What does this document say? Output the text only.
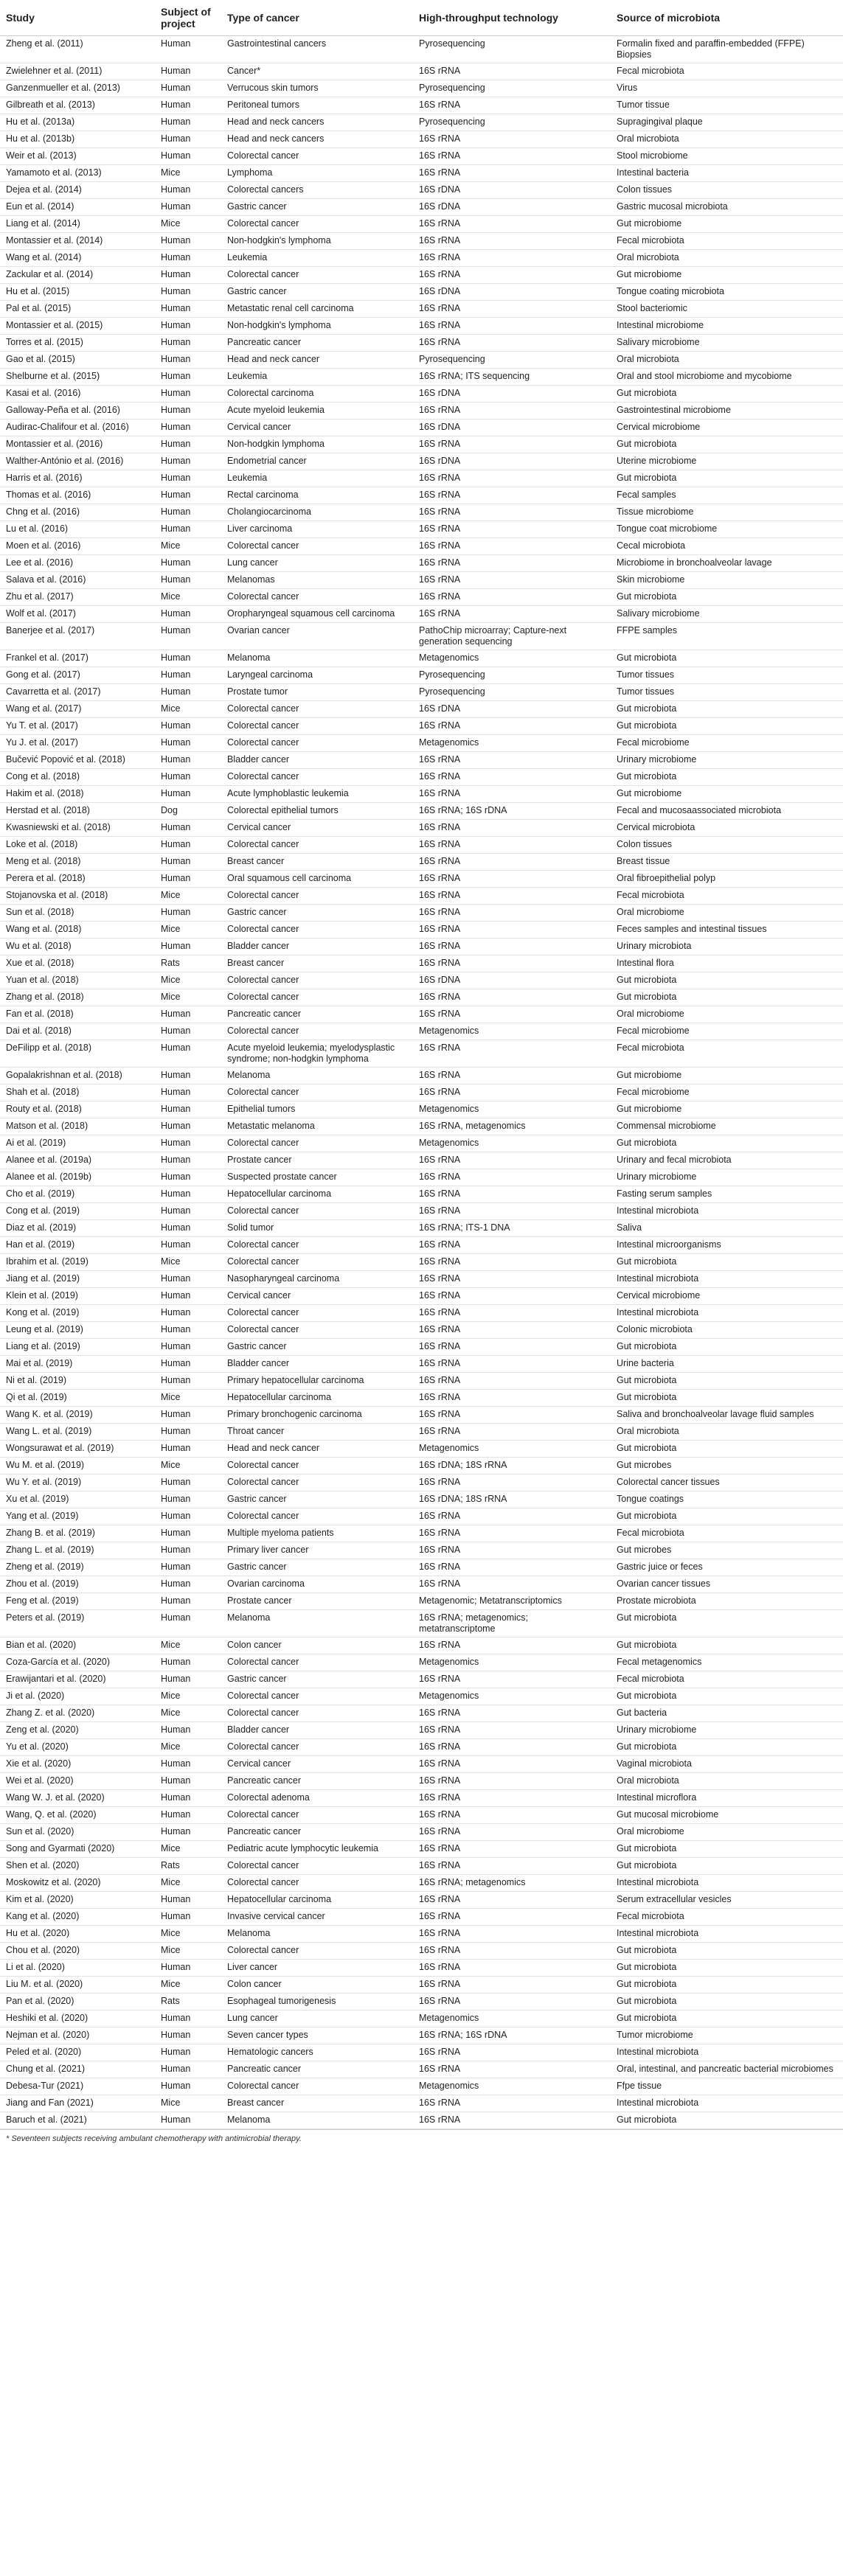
Study	Subject of project	Type of cancer	High-throughput technology	Source of microbiota
Zheng et al. (2011)	Human	Gastrointestinal cancers	Pyrosequencing	Formalin fixed and paraffin-embedded (FFPE) Biopsies
Zwielehner et al. (2011)	Human	Cancer*	16S rRNA	Fecal microbiota
Ganzenmueller et al. (2013)	Human	Verrucous skin tumors	Pyrosequencing	Virus
Gilbreath et al. (2013)	Human	Peritoneal tumors	16S rRNA	Tumor tissue
Hu et al. (2013a)	Human	Head and neck cancers	Pyrosequencing	Supragingival plaque
Hu et al. (2013b)	Human	Head and neck cancers	16S rRNA	Oral microbiota
Weir et al. (2013)	Human	Colorectal cancer	16S rRNA	Stool microbiome
Yamamoto et al. (2013)	Mice	Lymphoma	16S rRNA	Intestinal bacteria
Dejea et al. (2014)	Human	Colorectal cancers	16S rDNA	Colon tissues
Eun et al. (2014)	Human	Gastric cancer	16S rDNA	Gastric mucosal microbiota
Liang et al. (2014)	Mice	Colorectal cancer	16S rRNA	Gut microbiome
Montassier et al. (2014)	Human	Non-hodgkin's lymphoma	16S rRNA	Fecal microbiota
Wang et al. (2014)	Human	Leukemia	16S rRNA	Oral microbiota
Zackular et al. (2014)	Human	Colorectal cancer	16S rRNA	Gut microbiome
Hu et al. (2015)	Human	Gastric cancer	16S rDNA	Tongue coating microbiota
Pal et al. (2015)	Human	Metastatic renal cell carcinoma	16S rRNA	Stool bacteriomic
Montassier et al. (2015)	Human	Non-hodgkin's lymphoma	16S rRNA	Intestinal microbiome
Torres et al. (2015)	Human	Pancreatic cancer	16S rRNA	Salivary microbiome
Gao et al. (2015)	Human	Head and neck cancer	Pyrosequencing	Oral microbiota
Shelburne et al. (2015)	Human	Leukemia	16S rRNA; ITS sequencing	Oral and stool microbiome and mycobiome
Kasai et al. (2016)	Human	Colorectal carcinoma	16S rDNA	Gut microbiota
Galloway-Peña et al. (2016)	Human	Acute myeloid leukemia	16S rRNA	Gastrointestinal microbiome
Audirac-Chalifour et al. (2016)	Human	Cervical cancer	16S rDNA	Cervical microbiome
Montassier et al. (2016)	Human	Non-hodgkin lymphoma	16S rRNA	Gut microbiota
Walther-António et al. (2016)	Human	Endometrial cancer	16S rDNA	Uterine microbiome
Harris et al. (2016)	Human	Leukemia	16S rRNA	Gut microbiota
Thomas et al. (2016)	Human	Rectal carcinoma	16S rRNA	Fecal samples
Chng et al. (2016)	Human	Cholangiocarcinoma	16S rRNA	Tissue microbiome
Lu et al. (2016)	Human	Liver carcinoma	16S rRNA	Tongue coat microbiome
Moen et al. (2016)	Mice	Colorectal cancer	16S rRNA	Cecal microbiota
Lee et al. (2016)	Human	Lung cancer	16S rRNA	Microbiome in bronchoalveolar lavage
Salava et al. (2016)	Human	Melanomas	16S rRNA	Skin microbiome
Zhu et al. (2017)	Mice	Colorectal cancer	16S rRNA	Gut microbiota
Wolf et al. (2017)	Human	Oropharyngeal squamous cell carcinoma	16S rRNA	Salivary microbiome
Banerjee et al. (2017)	Human	Ovarian cancer	PathoChip microarray; Capture-next generation sequencing	FFPE samples
Frankel et al. (2017)	Human	Melanoma	Metagenomics	Gut microbiota
Gong et al. (2017)	Human	Laryngeal carcinoma	Pyrosequencing	Tumor tissues
Cavarretta et al. (2017)	Human	Prostate tumor	Pyrosequencing	Tumor tissues
Wang et al. (2017)	Mice	Colorectal cancer	16S rDNA	Gut microbiota
Yu T. et al. (2017)	Human	Colorectal cancer	16S rRNA	Gut microbiota
Yu J. et al. (2017)	Human	Colorectal cancer	Metagenomics	Fecal microbiome
Bučević Popović et al. (2018)	Human	Bladder cancer	16S rRNA	Urinary microbiome
Cong et al. (2018)	Human	Colorectal cancer	16S rRNA	Gut microbiota
Hakim et al. (2018)	Human	Acute lymphoblastic leukemia	16S rRNA	Gut microbiome
Herstad et al. (2018)	Dog	Colorectal epithelial tumors	16S rRNA; 16S rDNA	Fecal and mucosaassociated microbiota
Kwasniewski et al. (2018)	Human	Cervical cancer	16S rRNA	Cervical microbiota
Loke et al. (2018)	Human	Colorectal cancer	16S rRNA	Colon tissues
Meng et al. (2018)	Human	Breast cancer	16S rRNA	Breast tissue
Perera et al. (2018)	Human	Oral squamous cell carcinoma	16S rRNA	Oral fibroepithelial polyp
Stojanovska et al. (2018)	Mice	Colorectal cancer	16S rRNA	Fecal microbiota
Sun et al. (2018)	Human	Gastric cancer	16S rRNA	Oral microbiome
Wang et al. (2018)	Mice	Colorectal cancer	16S rRNA	Feces samples and intestinal tissues
Wu et al. (2018)	Human	Bladder cancer	16S rRNA	Urinary microbiota
Xue et al. (2018)	Rats	Breast cancer	16S rRNA	Intestinal flora
Yuan et al. (2018)	Mice	Colorectal cancer	16S rDNA	Gut microbiota
Zhang et al. (2018)	Mice	Colorectal cancer	16S rRNA	Gut microbiota
Fan et al. (2018)	Human	Pancreatic cancer	16S rRNA	Oral microbiome
Dai et al. (2018)	Human	Colorectal cancer	Metagenomics	Fecal microbiome
DeFilipp et al. (2018)	Human	Acute myeloid leukemia; myelodysplastic syndrome; non-hodgkin lymphoma	16S rRNA	Fecal microbiota
Gopalakrishnan et al. (2018)	Human	Melanoma	16S rRNA	Gut microbiome
Shah et al. (2018)	Human	Colorectal cancer	16S rRNA	Fecal microbiome
Routy et al. (2018)	Human	Epithelial tumors	Metagenomics	Gut microbiome
Matson et al. (2018)	Human	Metastatic melanoma	16S rRNA, metagenomics	Commensal microbiome
Ai et al. (2019)	Human	Colorectal cancer	Metagenomics	Gut microbiota
Alanee et al. (2019a)	Human	Prostate cancer	16S rRNA	Urinary and fecal microbiota
Alanee et al. (2019b)	Human	Suspected prostate cancer	16S rRNA	Urinary microbiome
Cho et al. (2019)	Human	Hepatocellular carcinoma	16S rRNA	Fasting serum samples
Cong et al. (2019)	Human	Colorectal cancer	16S rRNA	Intestinal microbiota
Diaz et al. (2019)	Human	Solid tumor	16S rRNA; ITS-1 DNA	Saliva
Han et al. (2019)	Human	Colorectal cancer	16S rRNA	Intestinal microorganisms
Ibrahim et al. (2019)	Mice	Colorectal cancer	16S rRNA	Gut microbiota
Jiang et al. (2019)	Human	Nasopharyngeal carcinoma	16S rRNA	Intestinal microbiota
Klein et al. (2019)	Human	Cervical cancer	16S rRNA	Cervical microbiome
Kong et al. (2019)	Human	Colorectal cancer	16S rRNA	Intestinal microbiota
Leung et al. (2019)	Human	Colorectal cancer	16S rRNA	Colonic microbiota
Liang et al. (2019)	Human	Gastric cancer	16S rRNA	Gut microbiota
Mai et al. (2019)	Human	Bladder cancer	16S rRNA	Urine bacteria
Ni et al. (2019)	Human	Primary hepatocellular carcinoma	16S rRNA	Gut microbiota
Qi et al. (2019)	Mice	Hepatocellular carcinoma	16S rRNA	Gut microbiota
Wang K. et al. (2019)	Human	Primary bronchogenic carcinoma	16S rRNA	Saliva and bronchoalveolar lavage fluid samples
Wang L. et al. (2019)	Human	Throat cancer	16S rRNA	Oral microbiota
Wongsurawat et al. (2019)	Human	Head and neck cancer	Metagenomics	Gut microbiota
Wu M. et al. (2019)	Mice	Colorectal cancer	16S rDNA; 18S rRNA	Gut microbes
Wu Y. et al. (2019)	Human	Colorectal cancer	16S rRNA	Colorectal cancer tissues
Xu et al. (2019)	Human	Gastric cancer	16S rDNA; 18S rRNA	Tongue coatings
Yang et al. (2019)	Human	Colorectal cancer	16S rRNA	Gut microbiota
Zhang B. et al. (2019)	Human	Multiple myeloma patients	16S rRNA	Fecal microbiota
Zhang L. et al. (2019)	Human	Primary liver cancer	16S rRNA	Gut microbes
Zheng et al. (2019)	Human	Gastric cancer	16S rRNA	Gastric juice or feces
Zhou et al. (2019)	Human	Ovarian carcinoma	16S rRNA	Ovarian cancer tissues
Feng et al. (2019)	Human	Prostate cancer	Metagenomic; Metatranscriptomics	Prostate microbiota
Peters et al. (2019)	Human	Melanoma	16S rRNA; metagenomics; metatranscriptome	Gut microbiota
Bian et al. (2020)	Mice	Colon cancer	16S rRNA	Gut microbiota
Coza-García et al. (2020)	Human	Colorectal cancer	Metagenomics	Fecal metagenomics
Erawijantari et al. (2020)	Human	Gastric cancer	16S rRNA	Fecal microbiota
Ji et al. (2020)	Mice	Colorectal cancer	Metagenomics	Gut microbiota
Zhang Z. et al. (2020)	Mice	Colorectal cancer	16S rRNA	Gut bacteria
Zeng et al. (2020)	Human	Bladder cancer	16S rRNA	Urinary microbiome
Yu et al. (2020)	Mice	Colorectal cancer	16S rRNA	Gut microbiota
Xie et al. (2020)	Human	Cervical cancer	16S rRNA	Vaginal microbiota
Wei et al. (2020)	Human	Pancreatic cancer	16S rRNA	Oral microbiota
Wang W. J. et al. (2020)	Human	Colorectal adenoma	16S rRNA	Intestinal microflora
Wang, Q. et al. (2020)	Human	Colorectal cancer	16S rRNA	Gut mucosal microbiome
Sun et al. (2020)	Human	Pancreatic cancer	16S rRNA	Oral microbiome
Song and Gyarmati (2020)	Mice	Pediatric acute lymphocytic leukemia	16S rRNA	Gut microbiota
Shen et al. (2020)	Rats	Colorectal cancer	16S rRNA	Gut microbiota
Moskowitz et al. (2020)	Mice	Colorectal cancer	16S rRNA; metagenomics	Intestinal microbiota
Kim et al. (2020)	Human	Hepatocellular carcinoma	16S rRNA	Serum extracellular vesicles
Kang et al. (2020)	Human	Invasive cervical cancer	16S rRNA	Fecal microbiota
Hu et al. (2020)	Mice	Melanoma	16S rRNA	Intestinal microbiota
Chou et al. (2020)	Mice	Colorectal cancer	16S rRNA	Gut microbiota
Li et al. (2020)	Human	Liver cancer	16S rRNA	Gut microbiota
Liu M. et al. (2020)	Mice	Colon cancer	16S rRNA	Gut microbiota
Pan et al. (2020)	Rats	Esophageal tumorigenesis	16S rRNA	Gut microbiota
Heshiki et al. (2020)	Human	Lung cancer	Metagenomics	Gut microbiota
Nejman et al. (2020)	Human	Seven cancer types	16S rRNA; 16S rDNA	Tumor microbiome
Peled et al. (2020)	Human	Hematologic cancers	16S rRNA	Intestinal microbiota
Chung et al. (2021)	Human	Pancreatic cancer	16S rRNA	Oral, intestinal, and pancreatic bacterial microbiomes
Debesa-Tur (2021)	Human	Colorectal cancer	Metagenomics	Ffpe tissue
Jiang and Fan (2021)	Mice	Breast cancer	16S rRNA	Intestinal microbiota
Baruch et al. (2021)	Human	Melanoma	16S rRNA	Gut microbiota
* Seventeen subjects receiving ambulant chemotherapy with antimicrobial therapy.
